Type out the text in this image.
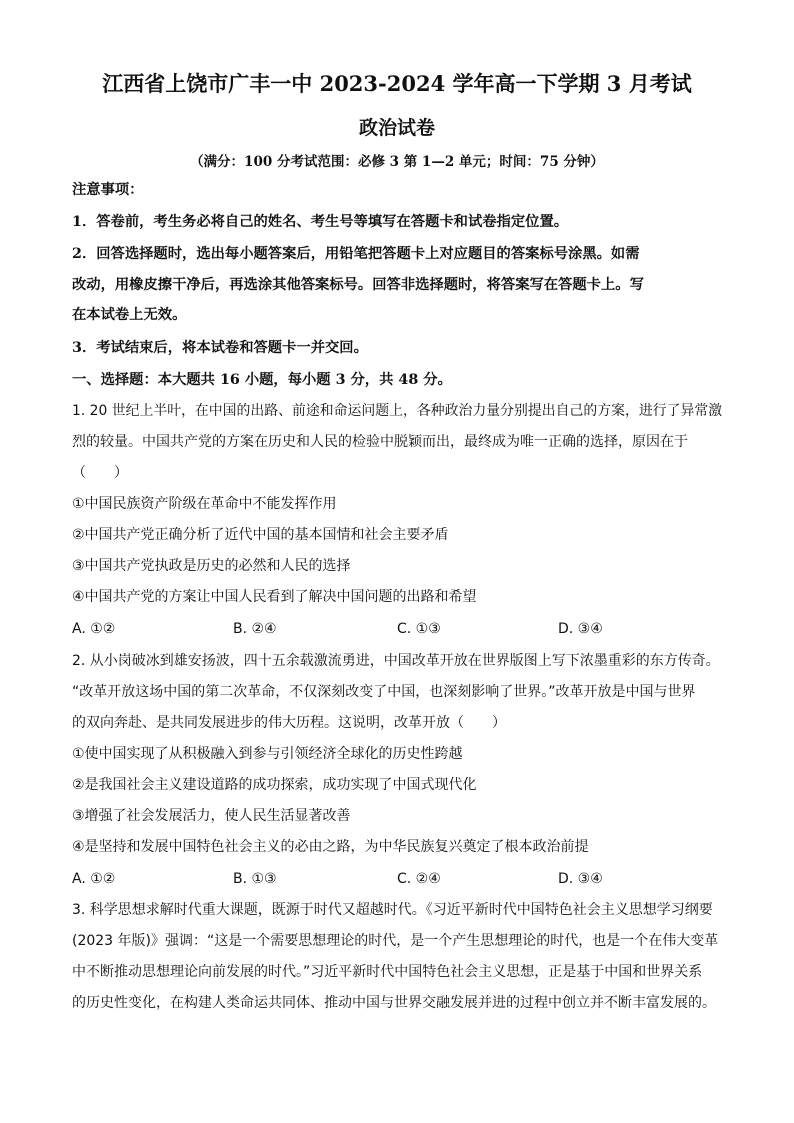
江西省上饶市广丰一中 2023-2024 学年高一下学期 3 月考试
政治试卷
（满分：100 分考试范围：必修 3 第 1—2 单元；时间：75 分钟）
注意事项：
1．答卷前，考生务必将自己的姓名、考生号等填写在答题卡和试卷指定位置。
2．回答选择题时，选出每小题答案后，用铅笔把答题卡上对应题目的答案标号涂黑。如需
改动，用橡皮擦干净后，再选涂其他答案标号。回答非选择题时，将答案写在答题卡上。写
在本试卷上无效。
3．考试结束后，将本试卷和答题卡一并交回。
一、选择题：本大题共 16 小题，每小题 3 分，共 48 分。
1. 20 世纪上半叶，在中国的出路、前途和命运问题上，各种政治力量分别提出自己的方案，进行了异常激
烈的较量。中国共产党的方案在历史和人民的检验中脱颖而出，最终成为唯一正确的选择，原因在于
（　　）
①中国民族资产阶级在革命中不能发挥作用
②中国共产党正确分析了近代中国的基本国情和社会主要矛盾
③中国共产党执政是历史的必然和人民的选择
④中国共产党的方案让中国人民看到了解决中国问题的出路和希望
A. ①②	B. ②④	C. ①③	D. ③④
2. 从小岗破冰到雄安扬波，四十五余载激流勇进，中国改革开放在世界版图上写下浓墨重彩的东方传奇。
“改革开放这场中国的第二次革命，不仅深刻改变了中国，也深刻影响了世界。”改革开放是中国与世界
的双向奔赴、是共同发展进步的伟大历程。这说明，改革开放（　　）
①使中国实现了从积极融入到参与引领经济全球化的历史性跨越
②是我国社会主义建设道路的成功探索，成功实现了中国式现代化
③增强了社会发展活力，使人民生活显著改善
④是坚持和发展中国特色社会主义的必由之路，为中华民族复兴奠定了根本政治前提
A. ①②	B. ①③	C. ②④	D. ③④
3. 科学思想求解时代重大课题，既源于时代又超越时代。《习近平新时代中国特色社会主义思想学习纲要
(2023 年版)》强调：“这是一个需要思想理论的时代，是一个产生思想理论的时代，也是一个在伟大变革
中不断推动思想理论向前发展的时代。”习近平新时代中国特色社会主义思想，正是基于中国和世界关系
的历史性变化，在构建人类命运共同体、推动中国与世界交融发展并进的过程中创立并不断丰富发展的。
